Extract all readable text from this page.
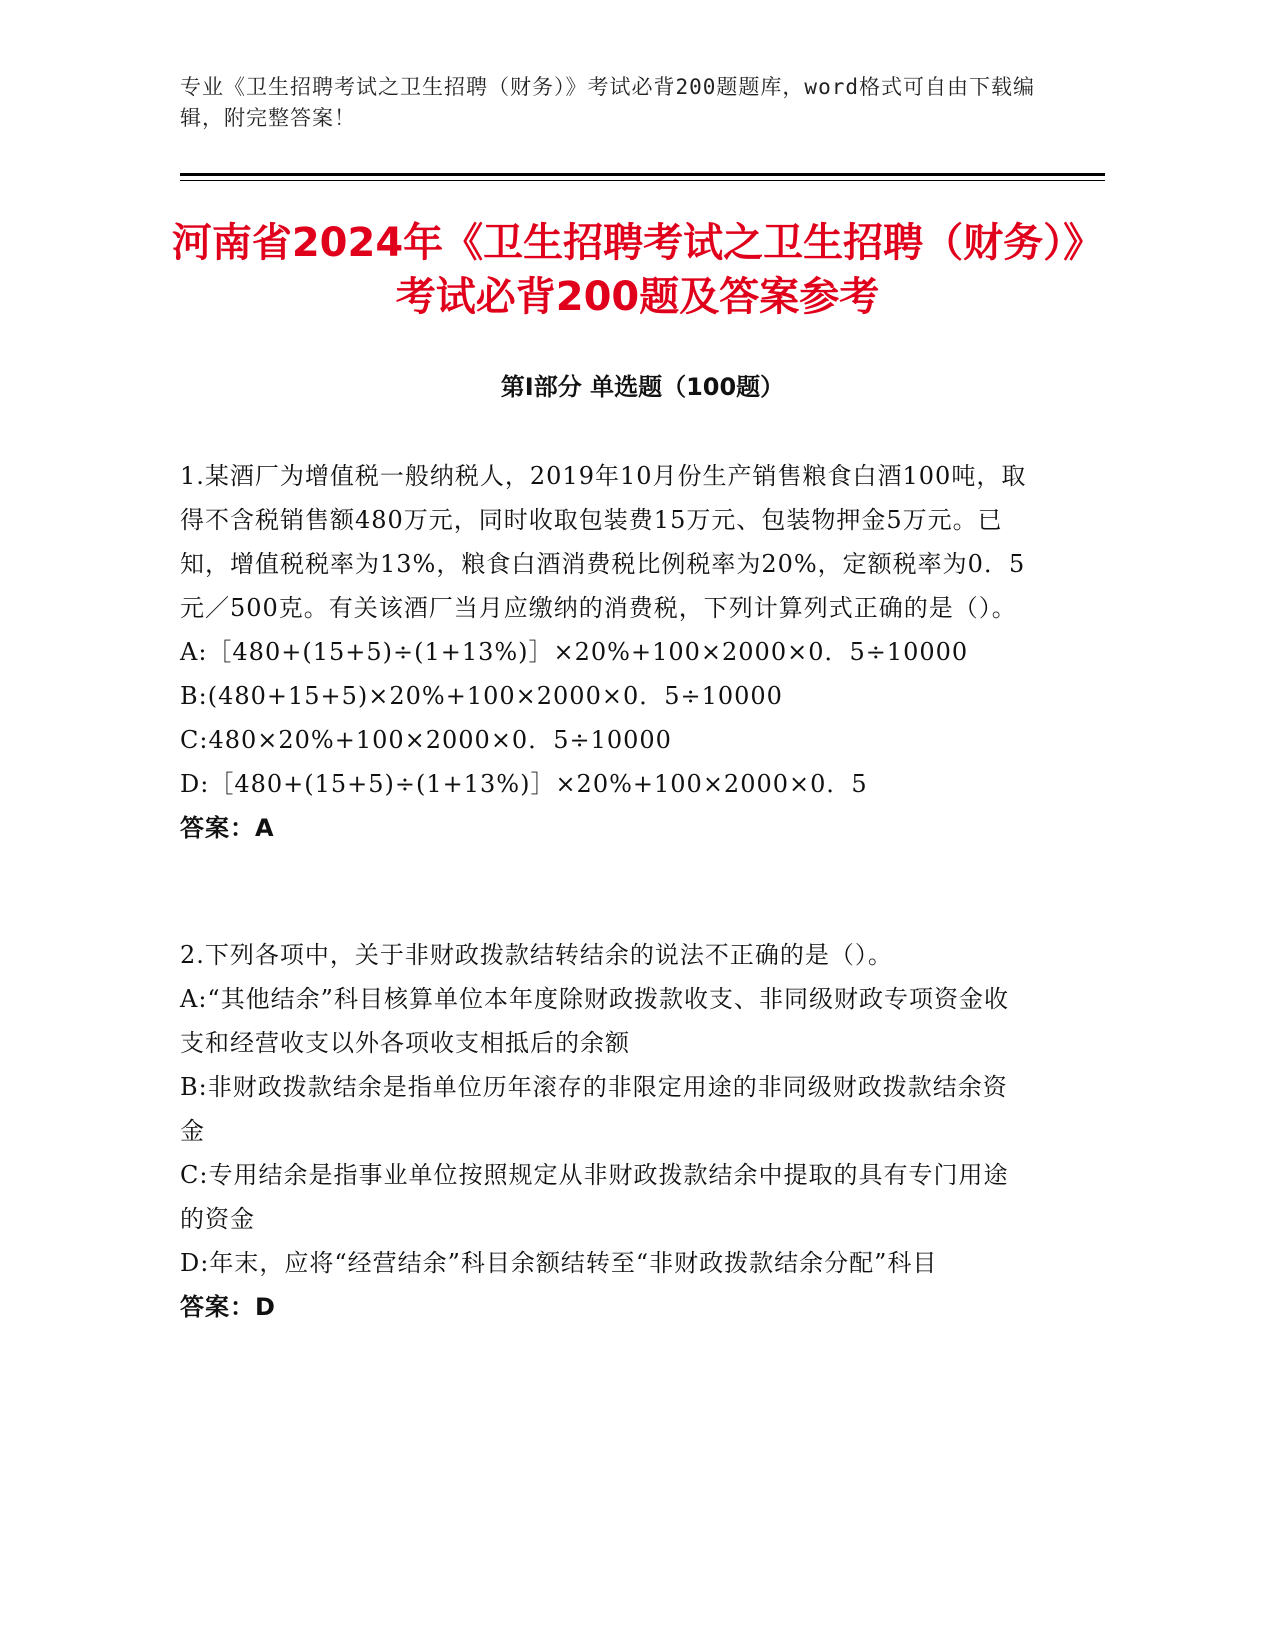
专业《卫生招聘考试之卫生招聘（财务）》考试必背200题题库，word格式可自由下载编辑，附完整答案！
河南省2024年《卫生招聘考试之卫生招聘（财务）》考试必背200题及答案参考
第I部分 单选题（100题）
1.某酒厂为增值税一般纳税人，2019年10月份生产销售粮食白酒100吨，取得不含税销售额480万元，同时收取包装费15万元、包装物押金5万元。已知，增值税税率为13%，粮食白酒消费税比例税率为20%，定额税率为0．5元／500克。有关该酒厂当月应缴纳的消费税，下列计算列式正确的是（）。
A:［480+(15+5)÷(1+13%)］×20%+100×2000×0．5÷10000
B:(480+15+5)×20%+100×2000×0．5÷10000
C:480×20%+100×2000×0．5÷10000
D:［480+(15+5)÷(1+13%)］×20%+100×2000×0．5
答案：A
2.下列各项中，关于非财政拨款结转结余的说法不正确的是（）。
A:“其他结余”科目核算单位本年度除财政拨款收支、非同级财政专项资金收支和经营收支以外各项收支相抵后的余额
B:非财政拨款结余是指单位历年滚存的非限定用途的非同级财政拨款结余资金
C:专用结余是指事业单位按照规定从非财政拨款结余中提取的具有专门用途的资金
D:年末，应将“经营结余”科目余额结转至“非财政拨款结余分配”科目
答案：D
